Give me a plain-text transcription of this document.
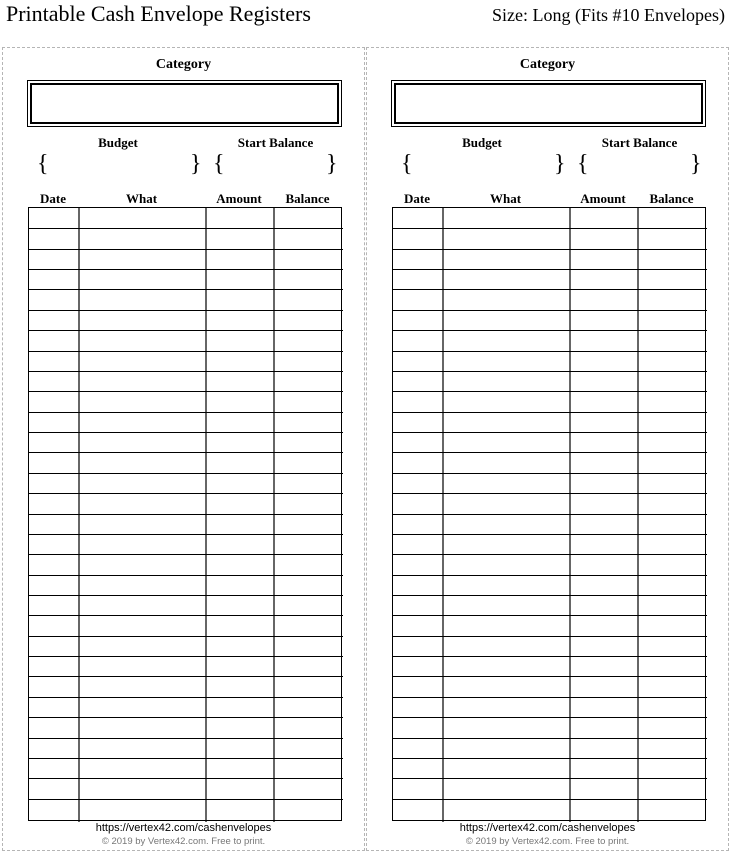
Printable Cash Envelope Registers	Size: Long (Fits #10 Envelopes)
Category
Budget	Start Balance
{	} {	}
Date	What	Amount	Balance
https://vertex42.com/cashenvelopes
© 2019 by Vertex42.com. Free to print.
Category
Budget	Start Balance
{	} {	}
Date	What	Amount	Balance
https://vertex42.com/cashenvelopes
© 2019 by Vertex42.com. Free to print.
